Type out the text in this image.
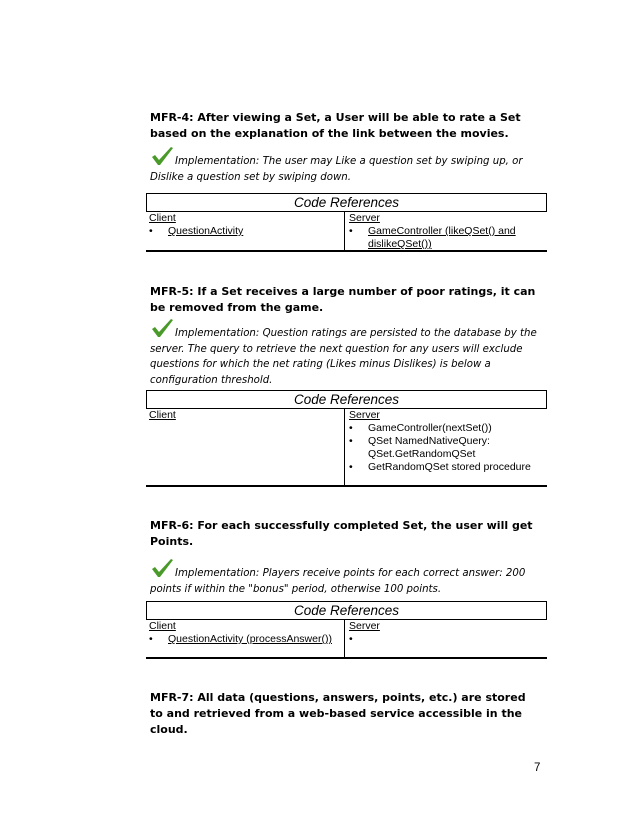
MFR-4: After viewing a Set, a User will be able to rate a Set based on the explanation of the link between the movies.
Implementation: The user may Like a question set by swiping up, or Dislike a question set by swiping down.
Code References
Client
• QuestionActivity
Server
• GameController (likeQSet() and dislikeQSet())
MFR-5: If a Set receives a large number of poor ratings, it can be removed from the game.
Implementation: Question ratings are persisted to the database by the server. The query to retrieve the next question for any users will exclude questions for which the net rating (Likes minus Dislikes) is below a configuration threshold.
Code References
Client	Server
• GameController(nextSet())
• QSet NamedNativeQuery: QSet.GetRandomQSet
• GetRandomQSet stored procedure
MFR-6: For each successfully completed Set, the user will get Points.
Implementation: Players receive points for each correct answer: 200 points if within the "bonus" period, otherwise 100 points.
Code References
Client
• QuestionActivity (processAnswer())
Server
•
MFR-7: All data (questions, answers, points, etc.) are stored to and retrieved from a web-based service accessible in the cloud.
7
